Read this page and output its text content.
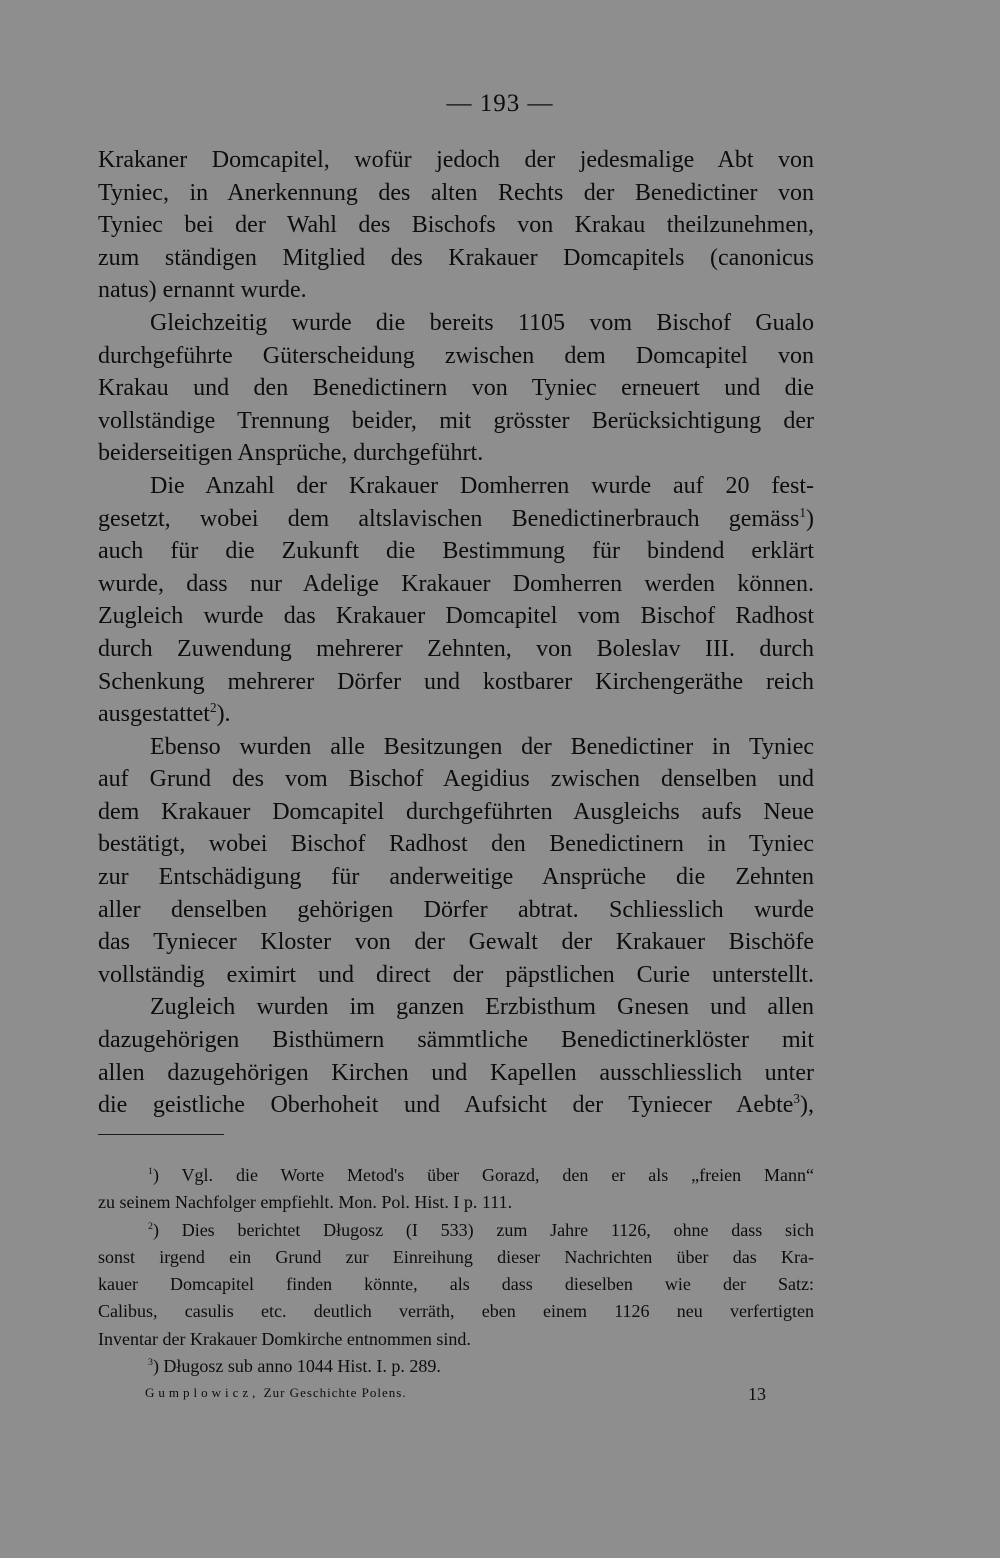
— 193 —
Krakaner Domcapitel, wofür jedoch der jedesmalige Abt von
Tyniec, in Anerkennung des alten Rechts der Benedictiner von
Tyniec bei der Wahl des Bischofs von Krakau theilzunehmen,
zum ständigen Mitglied des Krakauer Domcapitels (canonicus
natus) ernannt wurde.
Gleichzeitig wurde die bereits 1105 vom Bischof Gualo
durchgeführte Güterscheidung zwischen dem Domcapitel von
Krakau und den Benedictinern von Tyniec erneuert und die
vollständige Trennung beider, mit grösster Berücksichtigung der
beiderseitigen Ansprüche, durchgeführt.
Die Anzahl der Krakauer Domherren wurde auf 20 fest-
gesetzt, wobei dem altslavischen Benedictinerbrauch gemäss$^1$)
auch für die Zukunft die Bestimmung für bindend erklärt
wurde, dass nur Adelige Krakauer Domherren werden können.
Zugleich wurde das Krakauer Domcapitel vom Bischof Radhost
durch Zuwendung mehrerer Zehnten, von Boleslav III. durch
Schenkung mehrerer Dörfer und kostbarer Kirchengeräthe reich
ausgestattet$^2$).
Ebenso wurden alle Besitzungen der Benedictiner in Tyniec
auf Grund des vom Bischof Aegidius zwischen denselben und
dem Krakauer Domcapitel durchgeführten Ausgleichs aufs Neue
bestätigt, wobei Bischof Radhost den Benedictinern in Tyniec
zur Entschädigung für anderweitige Ansprüche die Zehnten
aller denselben gehörigen Dörfer abtrat. Schliesslich wurde
das Tyniecer Kloster von der Gewalt der Krakauer Bischöfe
vollständig eximirt und direct der päpstlichen Curie unterstellt.
Zugleich wurden im ganzen Erzbisthum Gnesen und allen
dazugehörigen Bisthümern sämmtliche Benedictinerklöster mit
allen dazugehörigen Kirchen und Kapellen ausschliesslich unter
die geistliche Oberhoheit und Aufsicht der Tyniecer Aebte$^3$),
$^1$) Vgl. die Worte Metod's über Gorazd, den er als „freien Mann“
zu seinem Nachfolger empfiehlt. Mon. Pol. Hist. I p. 111.
$^2$) Dies berichtet Długosz (I 533) zum Jahre 1126, ohne dass sich
sonst irgend ein Grund zur Einreihung dieser Nachrichten über das Kra-
kauer Domcapitel finden könnte, als dass dieselben wie der Satz:
Calibus, casulis etc. deutlich verräth, eben einem 1126 neu verfertigten
Inventar der Krakauer Domkirche entnommen sind.
$^3$) Długosz sub anno 1044 Hist. I. p. 289.
Gumplowicz, Zur Geschichte Polens.	13
